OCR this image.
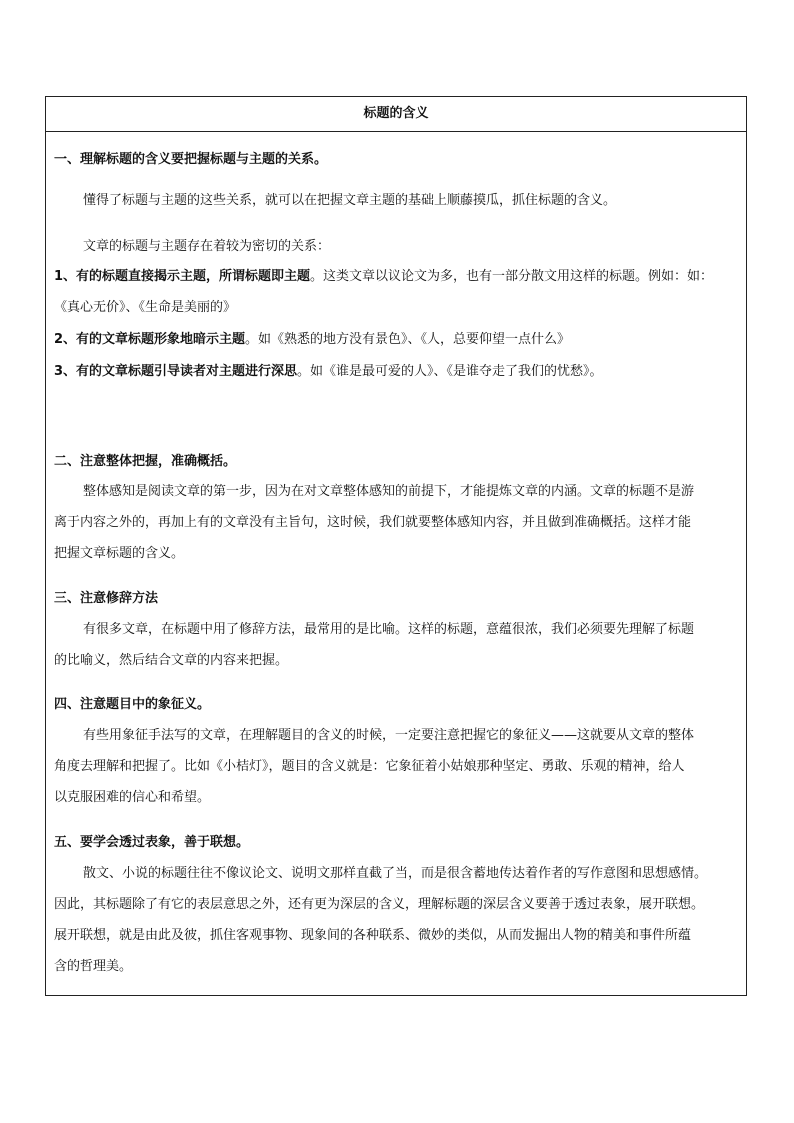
标题的含义
一、理解标题的含义要把握标题与主题的关系。
懂得了标题与主题的这些关系，就可以在把握文章主题的基础上顺藤摸瓜，抓住标题的含义。
文章的标题与主题存在着较为密切的关系：
1、有的标题直接揭示主题，所谓标题即主题。这类文章以议论文为多，也有一部分散文用这样的标题。例如：如：
《真心无价》、《生命是美丽的》
2、有的文章标题形象地暗示主题。如《熟悉的地方没有景色》、《人，总要仰望一点什么》
3、有的文章标题引导读者对主题进行深思。如《谁是最可爱的人》、《是谁夺走了我们的忧愁》。
二、注意整体把握，准确概括。
整体感知是阅读文章的第一步，因为在对文章整体感知的前提下，才能提炼文章的内涵。文章的标题不是游
离于内容之外的，再加上有的文章没有主旨句，这时候，我们就要整体感知内容，并且做到准确概括。这样才能
把握文章标题的含义。
三、注意修辞方法
有很多文章，在标题中用了修辞方法，最常用的是比喻。这样的标题，意蕴很浓，我们必须要先理解了标题
的比喻义，然后结合文章的内容来把握。
四、注意题目中的象征义。
有些用象征手法写的文章，在理解题目的含义的时候，一定要注意把握它的象征义——这就要从文章的整体
角度去理解和把握了。比如《小桔灯》，题目的含义就是：它象征着小姑娘那种坚定、勇敢、乐观的精神，给人
以克服困难的信心和希望。
五、要学会透过表象，善于联想。
散文、小说的标题往往不像议论文、说明文那样直截了当，而是很含蓄地传达着作者的写作意图和思想感情。
因此，其标题除了有它的表层意思之外，还有更为深层的含义，理解标题的深层含义要善于透过表象，展开联想。
展开联想，就是由此及彼，抓住客观事物、现象间的各种联系、微妙的类似，从而发掘出人物的精美和事件所蕴
含的哲理美。
